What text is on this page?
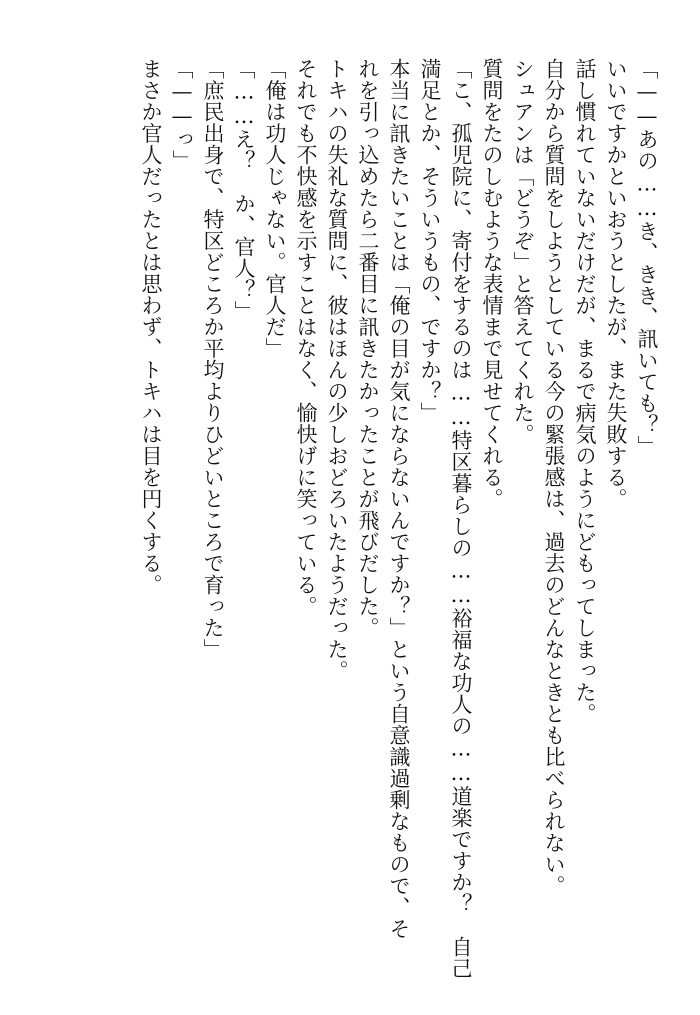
「——あの……き、きき、訊いても？」
いいですかといおうとしたが、また失敗する。
話し慣れていないだけだが、まるで病気のようにどもってしまった。
自分から質問をしようとしている今の緊張感は、過去のどんなときとも比べられない。
シュアンは「どうぞ」と答えてくれた。
質問をたのしむような表情まで見せてくれる。
「こ、孤児院に、寄付をするのは……特区暮らしの……裕福な功人の……道楽ですか？　自己
満足とか、そういうもの、ですか？」
本当に訊きたいことは「俺の目が気にならないんですか？」という自意識過剰なもので、そ
れを引っ込めたら二番目に訊きたかったことが飛びだした。
トキハの失礼な質問に、彼はほんの少しおどろいたようだった。
それでも不快感を示すことはなく、愉快げに笑っている。
「俺は功人じゃない。官人だ」
「……え？　か、官人？」
「庶民出身で、特区どころか平均よりひどいところで育った」
「——っ」
まさか官人だったとは思わず、トキハは目を円くする。
